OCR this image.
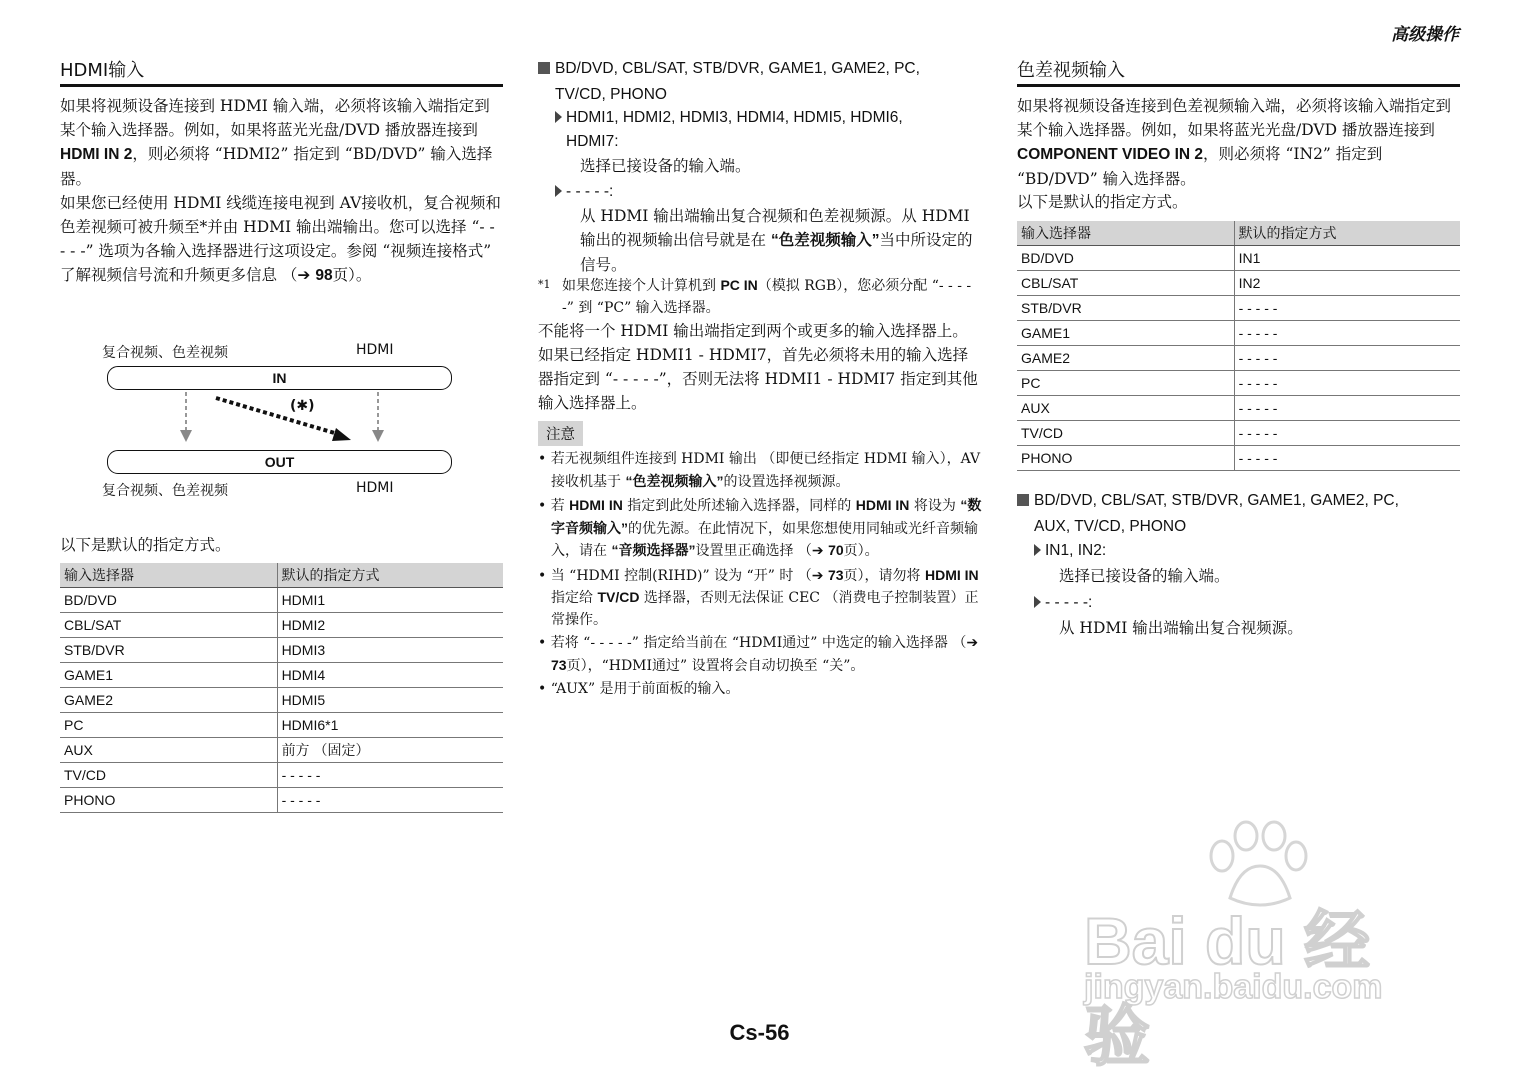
高级操作
HDMI输入
如果将视频设备连接到 HDMI 输入端，必须将该输入端指定到某个输入选择器。例如，如果将蓝光光盘/DVD 播放器连接到 HDMI IN 2，则必须将 “HDMI2” 指定到 “BD/DVD” 输入选择器。
如果您已经使用 HDMI 线缆连接电视到 AV接收机，复合视频和色差视频可被升频至*并由 HDMI 输出端输出。您可以选择 “- - - - -” 选项为各输入选择器进行这项设定。参阅 “视频连接格式” 了解视频信号流和升频更多信息 （➔ 98页）。
复合视频、色差视频	HDMI
IN
(✱)
OUT
复合视频、色差视频	HDMI
以下是默认的指定方式。
输入选择器	默认的指定方式
BD/DVD	HDMI1
CBL/SAT	HDMI2
STB/DVR	HDMI3
GAME1	HDMI4
GAME2	HDMI5
PC	HDMI6*1
AUX	前方 （固定）
TV/CD	- - - - -
PHONO	- - - - -
BD/DVD, CBL/SAT, STB/DVR, GAME1, GAME2, PC,
TV/CD, PHONO
HDMI1, HDMI2, HDMI3, HDMI4, HDMI5, HDMI6,
HDMI7:
选择已接设备的输入端。
- - - - -:
从 HDMI 输出端输出复合视频和色差视频源。从 HDMI 输出的视频输出信号就是在 “色差视频输入”当中所设定的信号。
*1 如果您连接个人计算机到 PC IN（模拟 RGB），您必须分配 “- - - - -” 到 “PC” 输入选择器。
不能将一个 HDMI 输出端指定到两个或更多的输入选择器上。如果已经指定 HDMI1 - HDMI7，首先必须将未用的输入选择器指定到 “- - - - -”，否则无法将 HDMI1 - HDMI7 指定到其他输入选择器上。
注意
• 若无视频组件连接到 HDMI 输出 （即便已经指定 HDMI 输入），AV接收机基于 “色差视频输入”的设置选择视频源。
• 若 HDMI IN 指定到此处所述输入选择器，同样的 HDMI IN 将设为 “数字音频输入”的优先源。在此情况下，如果您想使用同轴或光纤音频输入，请在 “音频选择器”设置里正确选择 （➔ 70页）。
• 当 “HDMI 控制(RIHD)” 设为 “开” 时 （➔ 73页），请勿将 HDMI IN 指定给 TV/CD 选择器，否则无法保证 CEC （消费电子控制装置）正常操作。
• 若将 “- - - - -” 指定给当前在 “HDMI通过” 中选定的输入选择器 （➔ 73页），“HDMI通过” 设置将会自动切换至 “关”。
• “AUX” 是用于前面板的输入。
色差视频输入
如果将视频设备连接到色差视频输入端，必须将该输入端指定到某个输入选择器。例如，如果将蓝光光盘/DVD 播放器连接到 COMPONENT VIDEO IN 2，则必须将 “IN2” 指定到 “BD/DVD” 输入选择器。
以下是默认的指定方式。
输入选择器	默认的指定方式
BD/DVD	IN1
CBL/SAT	IN2
STB/DVR	- - - - -
GAME1	- - - - -
GAME2	- - - - -
PC	- - - - -
AUX	- - - - -
TV/CD	- - - - -
PHONO	- - - - -
BD/DVD, CBL/SAT, STB/DVR, GAME1, GAME2, PC,
AUX, TV/CD, PHONO
IN1, IN2:
选择已接设备的输入端。
- - - - -:
从 HDMI 输出端输出复合视频源。
Bai du 经验
jingyan.baidu.com
Cs-56
